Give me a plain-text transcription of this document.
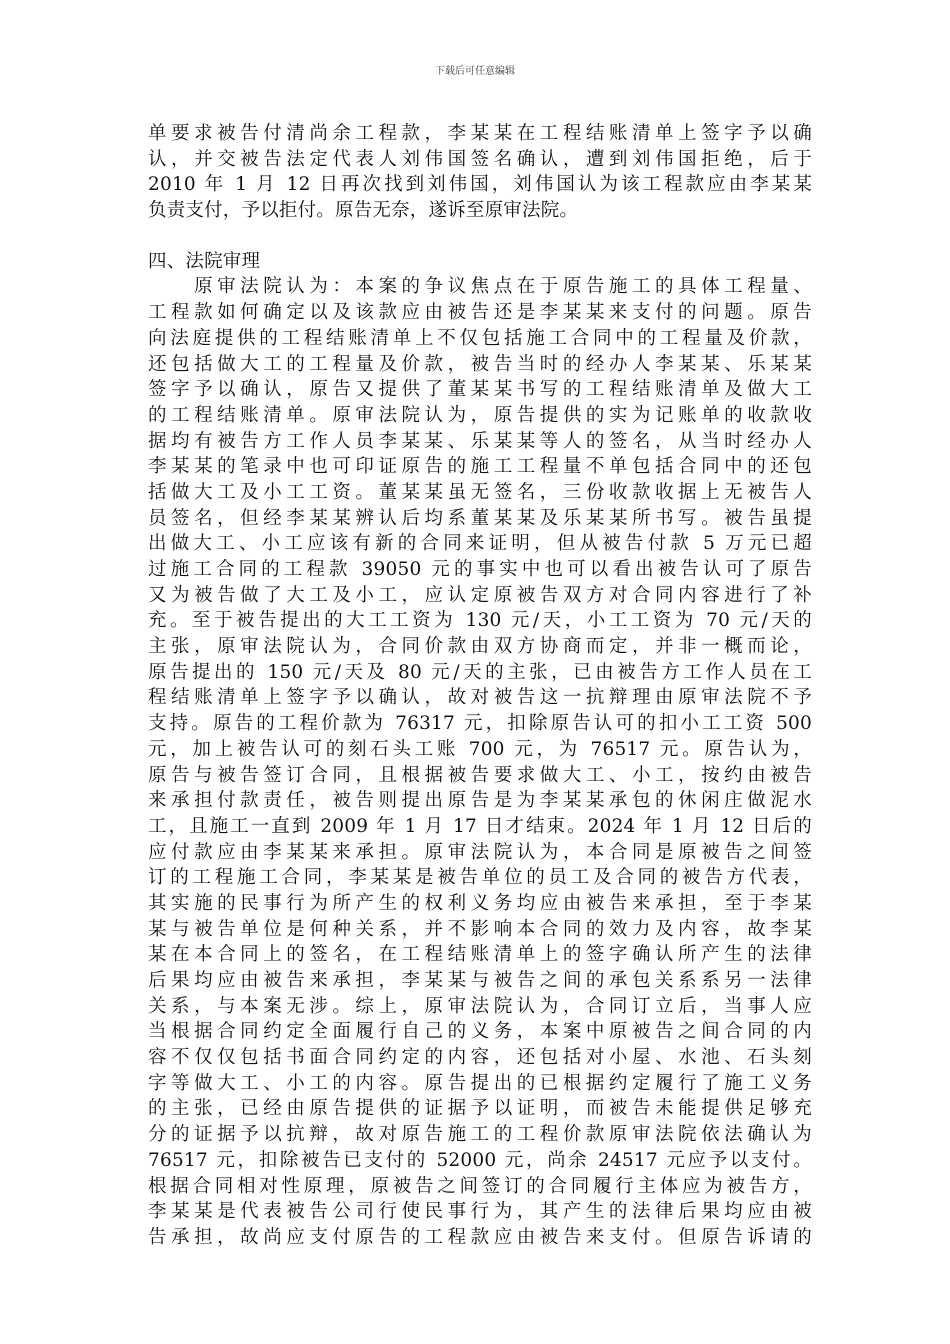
下载后可任意编辑
单要求被告付清尚余工程款，李某某在工程结账清单上签字予以确
认，并交被告法定代表人刘伟国签名确认，遭到刘伟国拒绝，后于
2010 年 1 月 12 日再次找到刘伟国，刘伟国认为该工程款应由李某某
负责支付，予以拒付。原告无奈，遂诉至原审法院。
四、法院审理
　　原审法院认为：本案的争议焦点在于原告施工的具体工程量、
工程款如何确定以及该款应由被告还是李某某来支付的问题。原告
向法庭提供的工程结账清单上不仅包括施工合同中的工程量及价款，
还包括做大工的工程量及价款，被告当时的经办人李某某、乐某某
签字予以确认，原告又提供了董某某书写的工程结账清单及做大工
的工程结账清单。原审法院认为，原告提供的实为记账单的收款收
据均有被告方工作人员李某某、乐某某等人的签名，从当时经办人
李某某的笔录中也可印证原告的施工工程量不单包括合同中的还包
括做大工及小工工资。董某某虽无签名，三份收款收据上无被告人
员签名，但经李某某辨认后均系董某某及乐某某所书写。被告虽提
出做大工、小工应该有新的合同来证明，但从被告付款 5 万元已超
过施工合同的工程款 39050 元的事实中也可以看出被告认可了原告
又为被告做了大工及小工，应认定原被告双方对合同内容进行了补
充。至于被告提出的大工工资为 130 元/天，小工工资为 70 元/天的
主张，原审法院认为，合同价款由双方协商而定，并非一概而论，
原告提出的 150 元/天及 80 元/天的主张，已由被告方工作人员在工
程结账清单上签字予以确认，故对被告这一抗辩理由原审法院不予
支持。原告的工程价款为 76317 元，扣除原告认可的扣小工工资 500
元，加上被告认可的刻石头工账 700 元，为 76517 元。原告认为，
原告与被告签订合同，且根据被告要求做大工、小工，按约由被告
来承担付款责任，被告则提出原告是为李某某承包的休闲庄做泥水
工，且施工一直到 2009 年 1 月 17 日才结束。2024 年 1 月 12 日后的
应付款应由李某某来承担。原审法院认为，本合同是原被告之间签
订的工程施工合同，李某某是被告单位的员工及合同的被告方代表，
其实施的民事行为所产生的权利义务均应由被告来承担，至于李某
某与被告单位是何种关系，并不影响本合同的效力及内容，故李某
某在本合同上的签名，在工程结账清单上的签字确认所产生的法律
后果均应由被告来承担，李某某与被告之间的承包关系系另一法律
关系，与本案无涉。综上，原审法院认为，合同订立后，当事人应
当根据合同约定全面履行自己的义务，本案中原被告之间合同的内
容不仅仅包括书面合同约定的内容，还包括对小屋、水池、石头刻
字等做大工、小工的内容。原告提出的已根据约定履行了施工义务
的主张，已经由原告提供的证据予以证明，而被告未能提供足够充
分的证据予以抗辩，故对原告施工的工程价款原审法院依法确认为
76517 元，扣除被告已支付的 52000 元，尚余 24517 元应予以支付。
根据合同相对性原理，原被告之间签订的合同履行主体应为被告方，
李某某是代表被告公司行使民事行为，其产生的法律后果均应由被
告承担，故尚应支付原告的工程款应由被告来支付。但原告诉请的
